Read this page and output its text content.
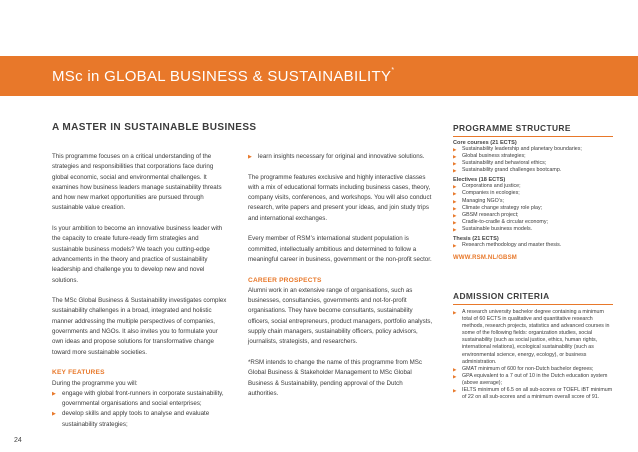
MSc in GLOBAL BUSINESS & SUSTAINABILITY*
A MASTER IN SUSTAINABLE BUSINESS

This programme focuses on a critical understanding of the strategies and responsibilities that corporations face during global economic, social and environmental challenges. It examines how business leaders manage sustainability threats and how new market opportunities are pursued through sustainable value creation.

Is your ambition to become an innovative business leader with the capacity to create future-ready firm strategies and sustainable business models? We teach you cutting-edge advancements in the theory and practice of sustainability leadership and challenge you to develop new and novel solutions.

The MSc Global Business & Sustainability investigates complex sustainability challenges in a broad, integrated and holistic manner addressing the multiple perspectives of companies, governments and NGOs. It also invites you to formulate your own ideas and propose solutions for transformative change toward more sustainable societies.

KEY FEATURES
During the programme you will:
▶ engage with global front-runners in corporate sustainability, governmental organisations and social enterprises;
▶ develop skills and apply tools to analyse and evaluate sustainability strategies;
▶ learn insights necessary for original and innovative solutions.

The programme features exclusive and highly interactive classes with a mix of educational formats including business cases, theory, company visits, conferences, and workshops. You will also conduct research, write papers and present your ideas, and join study trips and international exchanges.

Every member of RSM’s international student population is committed, intellectually ambitious and determined to follow a meaningful career in business, government or the non-profit sector.

CAREER PROSPECTS

Alumni work in an extensive range of organisations, such as businesses, consultancies, governments and not-for-profit organisations. They have become consultants, sustainability officers, social entrepreneurs, product managers, portfolio analysts, supply chain managers, sustainability officers, policy advisors, journalists, strategists, and researchers.

*RSM intends to change the name of this programme from MSc Global Business & Stakeholder Management to MSc Global Business & Sustainability, pending approval of the Dutch authorities.

PROGRAMME STRUCTURE
Core courses (21 ECTS)
▶ Sustainability leadership and planetary boundaries;
▶ Global business strategies;
▶ Sustainability and behavioral ethics;
▶ Sustainability grand challenges bootcamp.
Electives (18 ECTS)
▶ Corporations and justice;
▶ Companies in ecologies;
▶ Managing NGO’s;
▶ Climate change strategy role play;
▶ GBSM research project;
▶ Cradle-to-cradle & circular economy;
▶ Sustainable business models.
Thesis (21 ECTS)
▶ Research methodology and master thesis.
WWW.RSM.NL/GBSM
ADMISSION CRITERIA
▶ A research university bachelor degree containing a minimum total of 60 ECTS in qualitative and quantitative research methods, research projects, statistics and advanced courses in some of the following fields: organization studies, social sustainability (such as social justice, ethics, human rights, international relations), ecological sustainability (such as environmental science, energy, ecology), or business administration.
▶ GMAT minimum of 600 for non-Dutch bachelor degrees;
▶ GPA equivalent to a 7 out of 10 in the Dutch education system (above average);
▶ IELTS minimum of 6.5 on all sub-scores or TOEFL iBT minimum of 22 on all sub-scores and a minimum overall score of 91.
24
